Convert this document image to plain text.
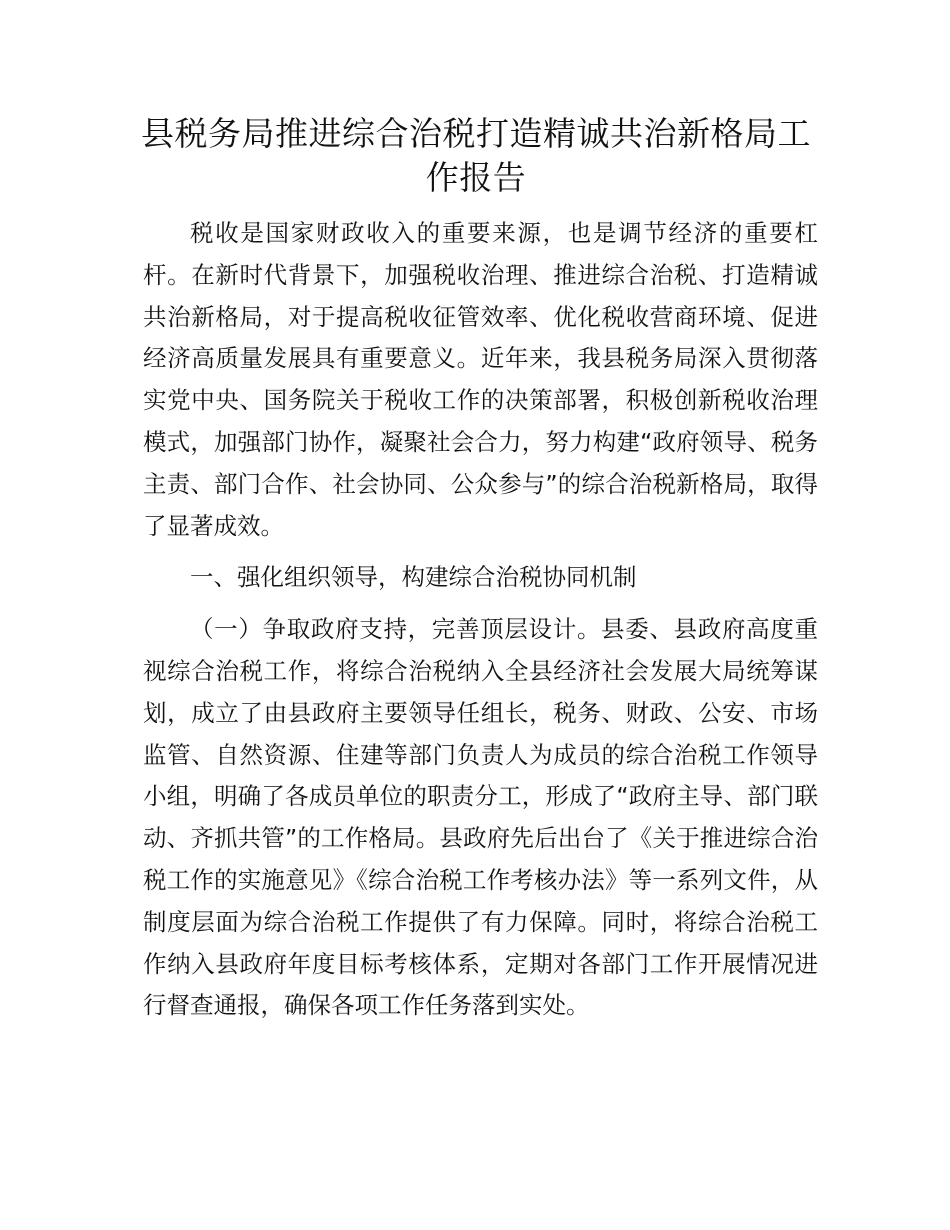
县税务局推进综合治税打造精诚共治新格局工作报告

税收是国家财政收入的重要来源，也是调节经济的重要杠杆。在新时代背景下，加强税收治理、推进综合治税、打造精诚共治新格局，对于提高税收征管效率、优化税收营商环境、促进经济高质量发展具有重要意义。近年来，我县税务局深入贯彻落实党中央、国务院关于税收工作的决策部署，积极创新税收治理模式，加强部门协作，凝聚社会合力，努力构建“政府领导、税务主责、部门合作、社会协同、公众参与”的综合治税新格局，取得了显著成效。

一、强化组织领导，构建综合治税协同机制

（一）争取政府支持，完善顶层设计。县委、县政府高度重视综合治税工作，将综合治税纳入全县经济社会发展大局统筹谋划，成立了由县政府主要领导任组长，税务、财政、公安、市场监管、自然资源、住建等部门负责人为成员的综合治税工作领导小组，明确了各成员单位的职责分工，形成了“政府主导、部门联动、齐抓共管”的工作格局。县政府先后出台了《关于推进综合治税工作的实施意见》《综合治税工作考核办法》等一系列文件，从制度层面为综合治税工作提供了有力保障。同时，将综合治税工作纳入县政府年度目标考核体系，定期对各部门工作开展情况进行督查通报，确保各项工作任务落到实处。
